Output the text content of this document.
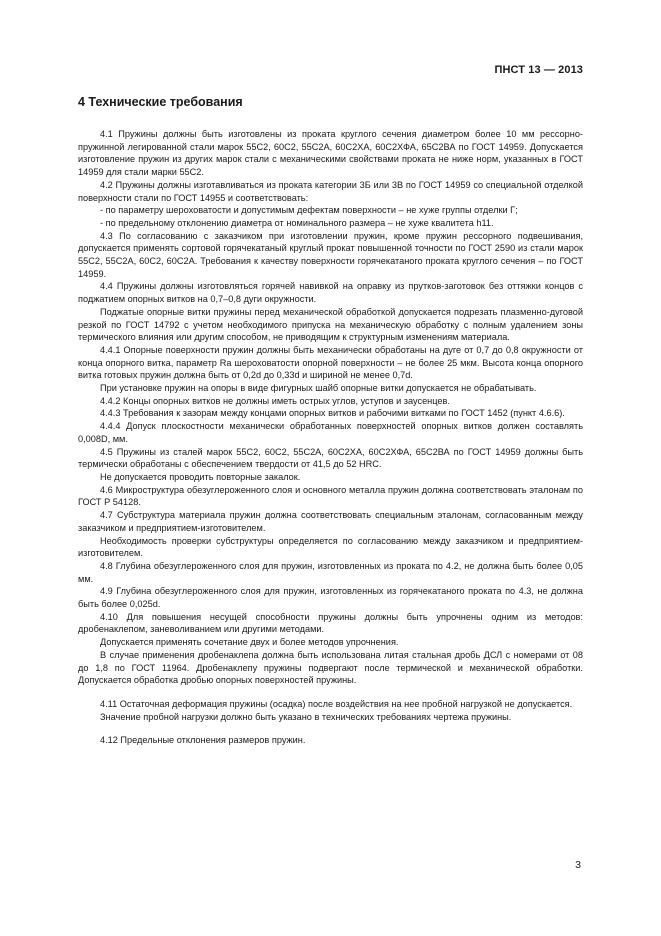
ПНСТ 13 — 2013
4 Технические требования

4.1 Пружины должны быть изготовлены из проката круглого сечения диаметром более 10 мм рессорно-пружинной легированной стали марок 55С2, 60С2, 55С2А, 60С2ХА, 60С2ХФА, 65С2ВА по ГОСТ 14959. Допускается изготовление пружин из других марок стали с механическими свойствами проката не ниже норм, указанных в ГОСТ 14959 для стали марки 55С2.

4.2 Пружины должны изготавливаться из проката категории 3Б или 3В по ГОСТ 14959 со специальной отделкой поверхности стали по ГОСТ 14955 и соответствовать:

- по параметру шероховатости и допустимым дефектам поверхности – не хуже группы отделки Г;

- по предельному отклонению диаметра от номинального размера – не хуже квалитета h11.

4.3 По согласованию с заказчиком при изготовлении пружин, кроме пружин рессорного подвешивания, допускается применять сортовой горячекатаный круглый прокат повышенной точности по ГОСТ 2590 из стали марок 55С2, 55С2А, 60С2, 60С2А. Требования к качеству поверхности горячекатаного проката круглого сечения – по ГОСТ 14959.

4.4 Пружины должны изготовляться горячей навивкой на оправку из прутков-заготовок без оттяжки концов с поджатием опорных витков на 0,7–0,8 дуги окружности.

Поджатые опорные витки пружины перед механической обработкой допускается подрезать плазменно-дуговой резкой по ГОСТ 14792 с учетом необходимого припуска на механическую обработку с полным удалением зоны термического влияния или другим способом, не приводящим к структурным изменениям материала.

4.4.1 Опорные поверхности пружин должны быть механически обработаны на дуге от 0,7 до 0,8 окружности от конца опорного витка, параметр Ra шероховатости опорной поверхности – не более 25 мкм. Высота конца опорного витка готовых пружин должна быть от 0,2d до 0,33d и шириной не менее 0,7d.

При установке пружин на опоры в виде фигурных шайб опорные витки допускается не обрабатывать.

4.4.2 Концы опорных витков не должны иметь острых углов, уступов и заусенцев.

4.4.3 Требования к зазорам между концами опорных витков и рабочими витками по ГОСТ 1452 (пункт 4.6.6).

4.4.4 Допуск плоскостности механически обработанных поверхностей опорных витков должен составлять 0,008D, мм.

4.5 Пружины из сталей марок 55С2, 60С2, 55С2А, 60С2ХА, 60С2ХФА, 65С2ВА по ГОСТ 14959 должны быть термически обработаны с обеспечением твердости от 41,5 до 52 HRC.

Не допускается проводить повторные закалок.

4.6 Микроструктура обезуглероженного слоя и основного металла пружин должна соответствовать эталонам по ГОСТ Р 54128.

4.7 Субструктура материала пружин должна соответствовать специальным эталонам, согласованным между заказчиком и предприятием-изготовителем.

Необходимость проверки субструктуры определяется по согласованию между заказчиком и предприятием-изготовителем.

4.8 Глубина обезуглероженного слоя для пружин, изготовленных из проката по 4.2, не должна быть более 0,05 мм.

4.9 Глубина обезуглероженного слоя для пружин, изготовленных из горячекатаного проката по 4.3, не должна быть более 0,025d.

4.10 Для повышения несущей способности пружины должны быть упрочнены одним из методов: дробенаклепом, заневоливанием или другими методами.

Допускается применять сочетание двух и более методов упрочнения.

В случае применения дробенаклепа должна быть использована литая стальная дробь ДСЛ с номерами от 08 до 1,8 по ГОСТ 11964. Дробенаклепу пружины подвергают после термической и механической обработки. Допускается обработка дробью опорных поверхностей пружины.

4.11 Остаточная деформация пружины (осадка) после воздействия на нее пробной нагрузкой не допускается.

Значение пробной нагрузки должно быть указано в технических требованиях чертежа пружины.

4.12 Предельные отклонения размеров пружин.

3
